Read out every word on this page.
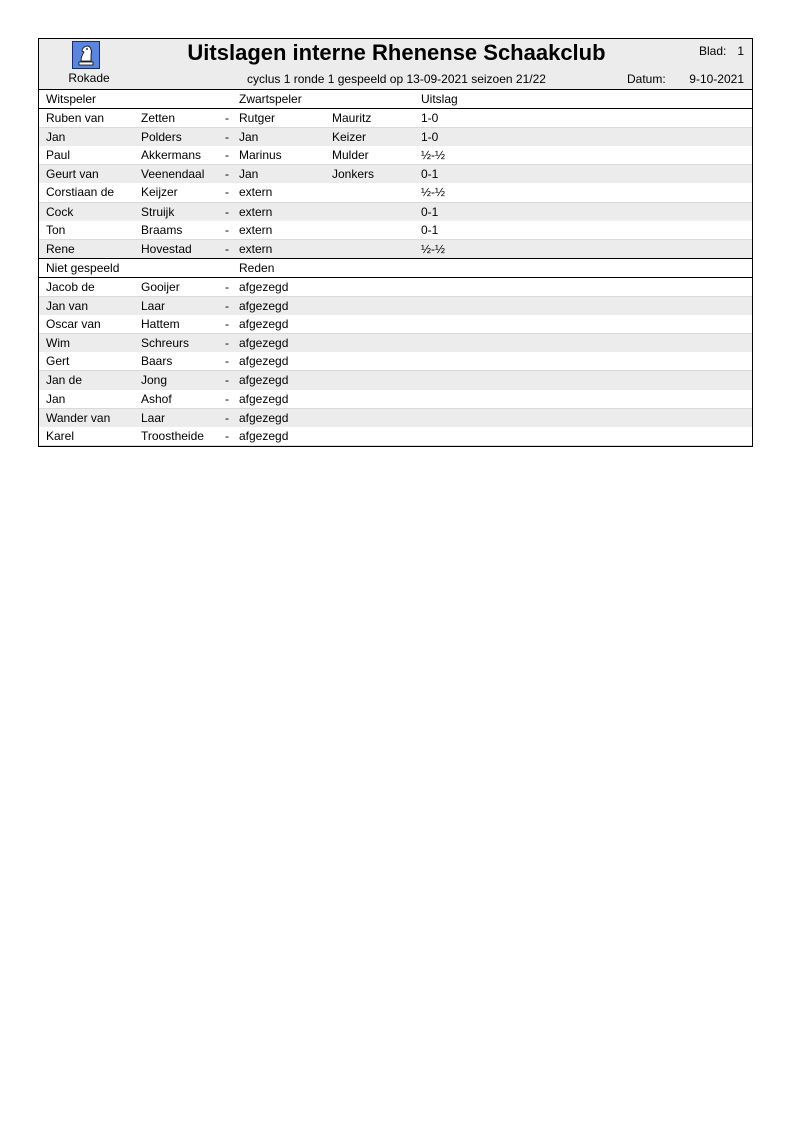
Rokade
Uitslagen interne Rhenense Schaakclub	Blad: 1
cyclus 1 ronde 1 gespeeld op 13-09-2021 seizoen 21/22	Datum: 9-10-2021
Witspeler	Zwartspeler	Uitslag
Ruben van	Zetten	- Rutger	Mauritz	1-0
Jan	Polders	- Jan	Keizer	1-0
Paul	Akkermans - Marinus	Mulder	½-½
Geurt van	Veenendaal - Jan	Jonkers	0-1
Corstiaan de Keijzer	- extern	½-½
Cock	Struijk	- extern	0-1
Ton	Braams	- extern	0-1
Rene	Hovestad	- extern	½-½
Niet gespeeld	Reden
Jacob de	Gooijer	- afgezegd
Jan van	Laar	- afgezegd
Oscar van	Hattem	- afgezegd
Wim	Schreurs	- afgezegd
Gert	Baars	- afgezegd
Jan de	Jong	- afgezegd
Jan	Ashof	- afgezegd
Wander van	Laar	- afgezegd
Karel	Troostheide - afgezegd
